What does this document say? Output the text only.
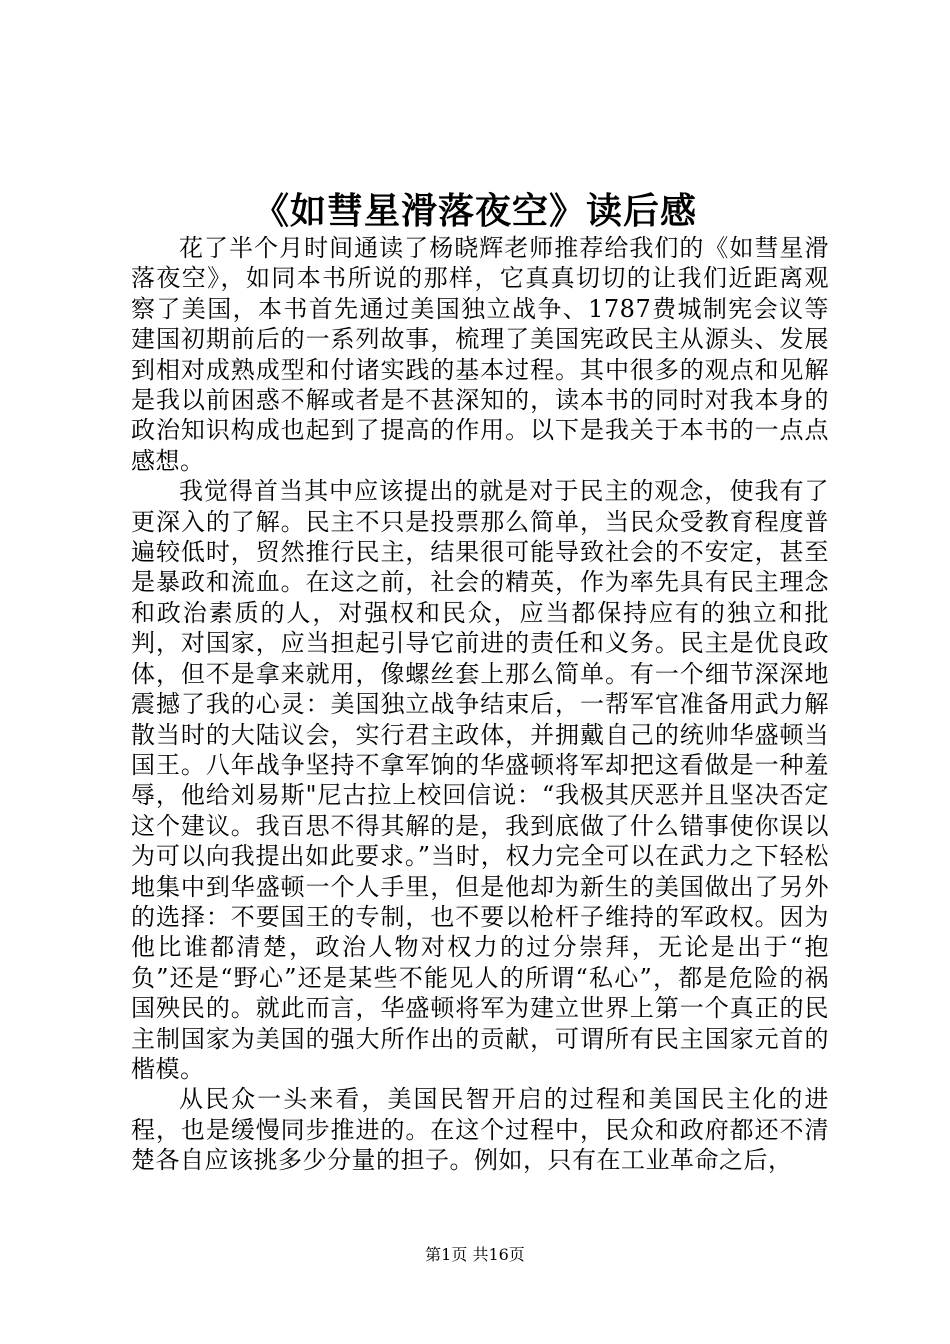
《如彗星滑落夜空》读后感

花了半个月时间通读了杨晓辉老师推荐给我们的《如彗星滑落夜空》，如同本书所说的那样，它真真切切的让我们近距离观察了美国，本书首先通过美国独立战争、1787费城制宪会议等建国初期前后的一系列故事，梳理了美国宪政民主从源头、发展到相对成熟成型和付诸实践的基本过程。其中很多的观点和见解是我以前困惑不解或者是不甚深知的，读本书的同时对我本身的政治知识构成也起到了提高的作用。以下是我关于本书的一点点感想。

我觉得首当其中应该提出的就是对于民主的观念，使我有了更深入的了解。民主不只是投票那么简单，当民众受教育程度普遍较低时，贸然推行民主，结果很可能导致社会的不安定，甚至是暴政和流血。在这之前，社会的精英，作为率先具有民主理念和政治素质的人，对强权和民众，应当都保持应有的独立和批判，对国家，应当担起引导它前进的责任和义务。民主是优良政体，但不是拿来就用，像螺丝套上那么简单。有一个细节深深地震撼了我的心灵：美国独立战争结束后，一帮军官准备用武力解散当时的大陆议会，实行君主政体，并拥戴自己的统帅华盛顿当国王。八年战争坚持不拿军饷的华盛顿将军却把这看做是一种羞辱，他给刘易斯"尼古拉上校回信说：“我极其厌恶并且坚决否定这个建议。我百思不得其解的是，我到底做了什么错事使你误以为可以向我提出如此要求。”当时，权力完全可以在武力之下轻松地集中到华盛顿一个人手里，但是他却为新生的美国做出了另外的选择：不要国王的专制，也不要以枪杆子维持的军政权。因为他比谁都清楚，政治人物对权力的过分崇拜，无论是出于“抱负”还是“野心”还是某些不能见人的所谓“私心”，都是危险的祸国殃民的。就此而言，华盛顿将军为建立世界上第一个真正的民主制国家为美国的强大所作出的贡献，可谓所有民主国家元首的楷模。

从民众一头来看，美国民智开启的过程和美国民主化的进程，也是缓慢同步推进的。在这个过程中，民众和政府都还不清楚各自应该挑多少分量的担子。例如，只有在工业革命之后，

第1页 共16页
